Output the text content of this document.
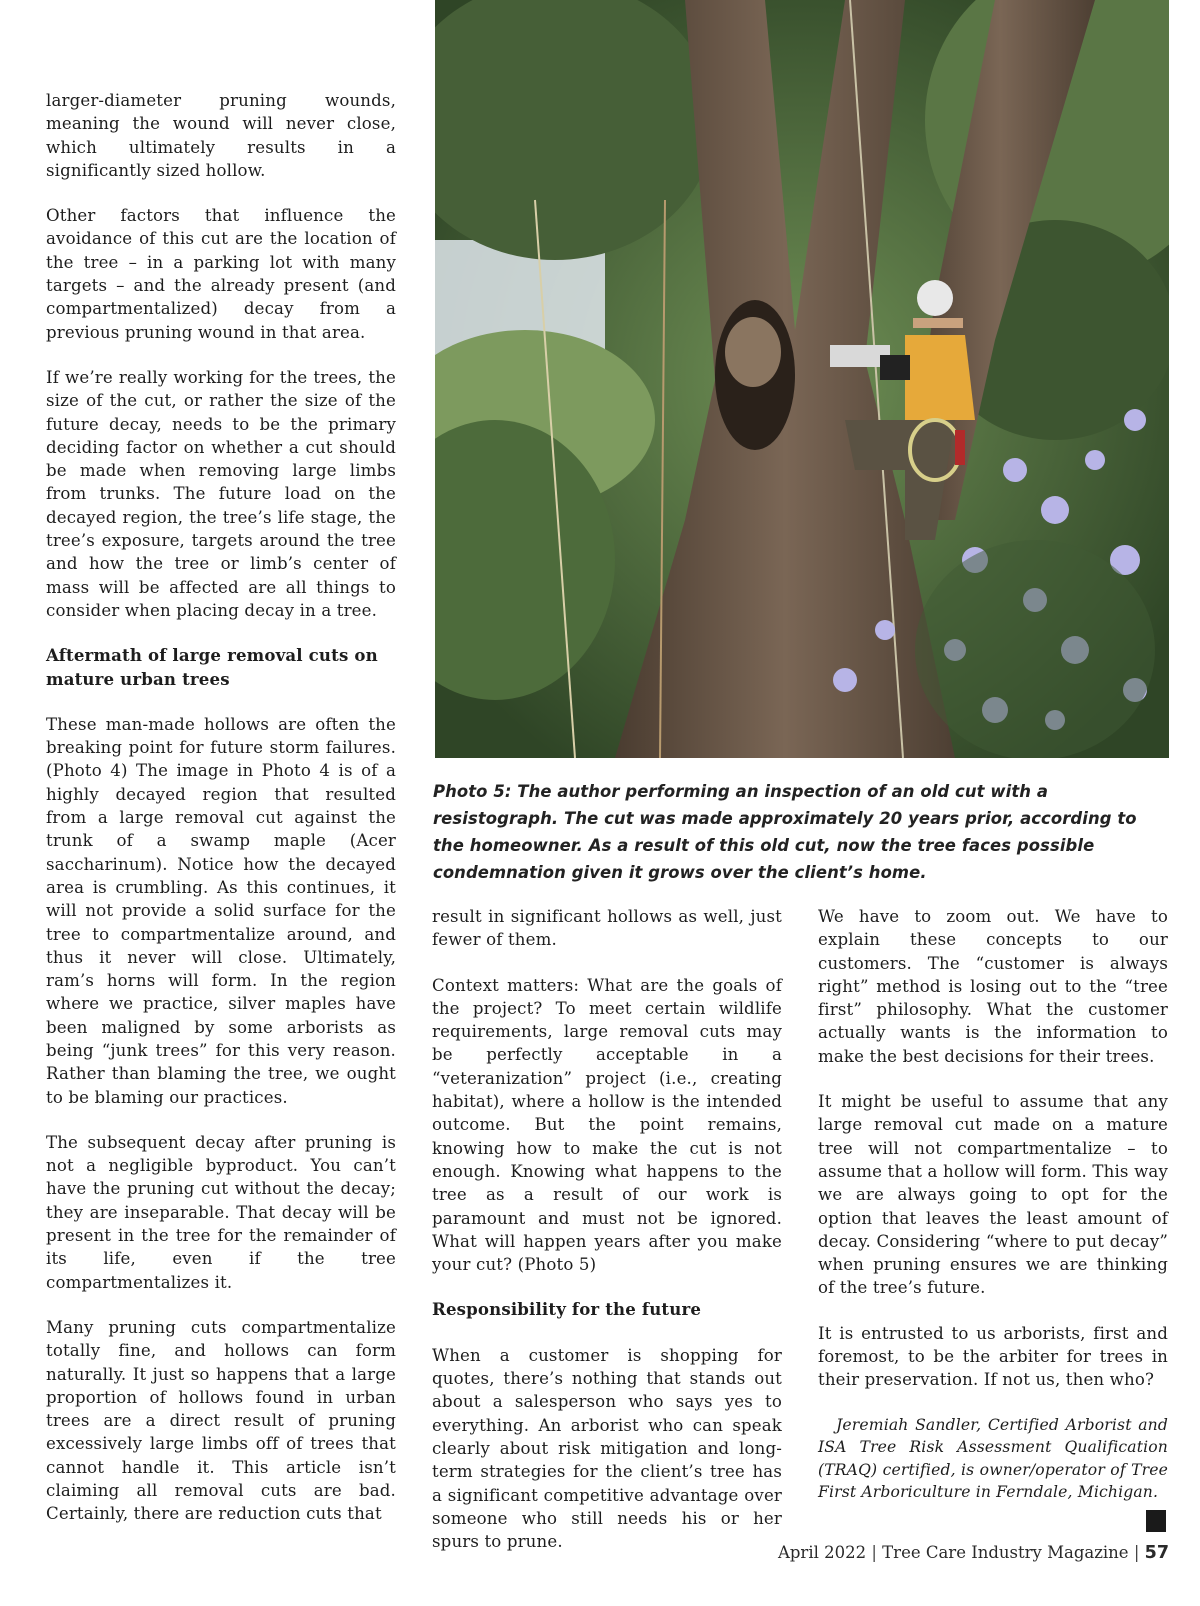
larger-diameter pruning wounds, meaning the wound will never close, which ultimately results in a significantly sized hollow.

Other factors that influence the avoidance of this cut are the location of the tree – in a parking lot with many targets – and the already present (and compartmentalized) decay from a previous pruning wound in that area.

If we’re really working for the trees, the size of the cut, or rather the size of the future decay, needs to be the primary deciding factor on whether a cut should be made when removing large limbs from trunks. The future load on the decayed region, the tree’s life stage, the tree’s exposure, targets around the tree and how the tree or limb’s center of mass will be affected are all things to consider when placing decay in a tree.

Aftermath of large removal cuts on mature urban trees

These man-made hollows are often the breaking point for future storm failures. (Photo 4) The image in Photo 4 is of a highly decayed region that resulted from a large removal cut against the trunk of a swamp maple (Acer saccharinum). Notice how the decayed area is crumbling. As this continues, it will not provide a solid surface for the tree to compartmentalize around, and thus it never will close. Ultimately, ram’s horns will form. In the region where we practice, silver maples have been maligned by some arborists as being “junk trees” for this very reason. Rather than blaming the tree, we ought to be blaming our practices.

The subsequent decay after pruning is not a negligible byproduct. You can’t have the pruning cut without the decay; they are inseparable. That decay will be present in the tree for the remainder of its life, even if the tree compartmentalizes it.

Many pruning cuts compartmentalize totally fine, and hollows can form naturally. It just so happens that a large proportion of hollows found in urban trees are a direct result of pruning excessively large limbs off of trees that cannot handle it. This article isn’t claiming all removal cuts are bad. Certainly, there are reduction cuts that

Photo 5: The author performing an inspection of an old cut with a resistograph. The cut was made approximately 20 years prior, according to the homeowner. As a result of this old cut, now the tree faces possible condemnation given it grows over the client’s home.

result in significant hollows as well, just fewer of them.

Context matters: What are the goals of the project? To meet certain wildlife requirements, large removal cuts may be perfectly acceptable in a “veteranization” project (i.e., creating habitat), where a hollow is the intended outcome. But the point remains, knowing how to make the cut is not enough. Knowing what happens to the tree as a result of our work is paramount and must not be ignored. What will happen years after you make your cut? (Photo 5)

Responsibility for the future

When a customer is shopping for quotes, there’s nothing that stands out about a salesperson who says yes to everything. An arborist who can speak clearly about risk mitigation and long-term strategies for the client’s tree has a significant competitive advantage over someone who still needs his or her spurs to prune.

We have to zoom out. We have to explain these concepts to our customers. The “customer is always right” method is losing out to the “tree first” philosophy. What the customer actually wants is the information to make the best decisions for their trees.

It might be useful to assume that any large removal cut made on a mature tree will not compartmentalize – to assume that a hollow will form. This way we are always going to opt for the option that leaves the least amount of decay. Considering “where to put decay” when pruning ensures we are thinking of the tree’s future.

It is entrusted to us arborists, first and foremost, to be the arbiter for trees in their preservation. If not us, then who?

Jeremiah Sandler, Certified Arborist and ISA Tree Risk Assessment Qualification (TRAQ) certified, is owner/operator of Tree First Arboriculture in Ferndale, Michigan.

April 2022 | Tree Care Industry Magazine | 57
